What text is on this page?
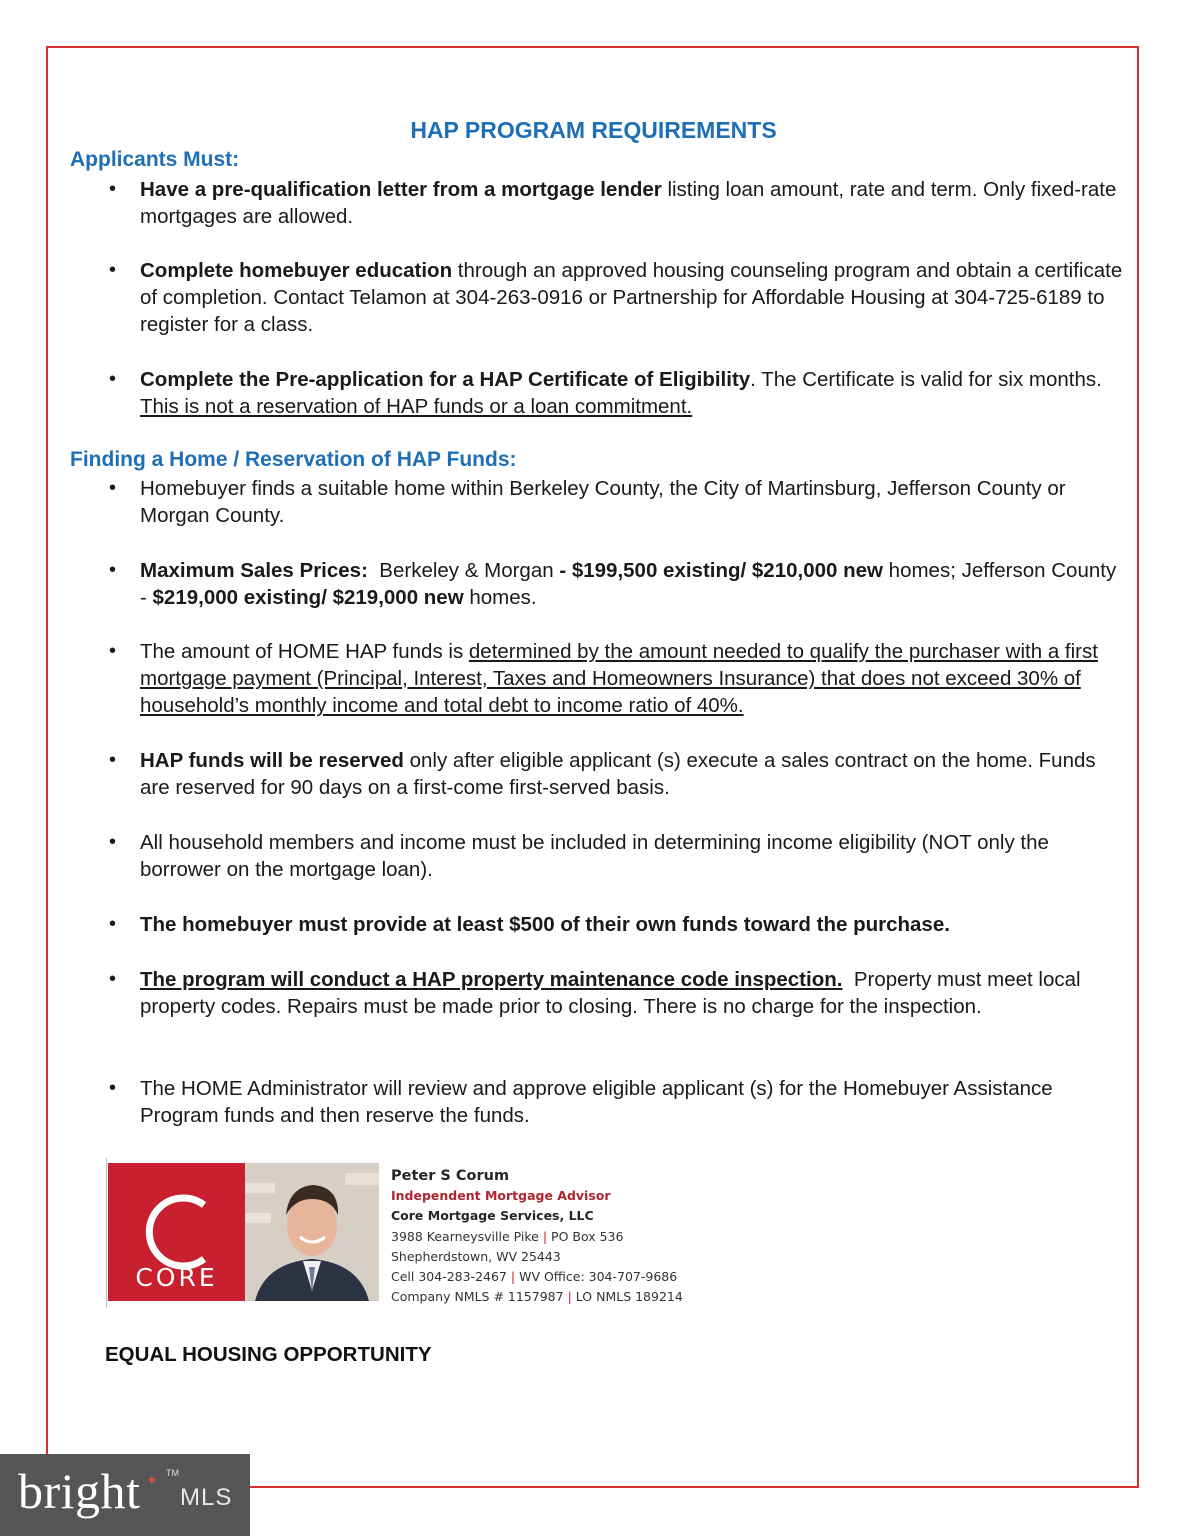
HAP PROGRAM REQUIREMENTS
Applicants Must:
• Have a pre-qualification letter from a mortgage lender listing loan amount, rate and term. Only fixed-rate mortgages are allowed.
• Complete homebuyer education through an approved housing counseling program and obtain a certificate of completion. Contact Telamon at 304-263-0916 or Partnership for Affordable Housing at 304-725-6189 to register for a class.
• Complete the Pre-application for a HAP Certificate of Eligibility. The Certificate is valid for six months. This is not a reservation of HAP funds or a loan commitment.
Finding a Home / Reservation of HAP Funds:
• Homebuyer finds a suitable home within Berkeley County, the City of Martinsburg, Jefferson County or Morgan County.
• Maximum Sales Prices:  Berkeley & Morgan - $199,500 existing/ $210,000 new homes; Jefferson County - $219,000 existing/ $219,000 new homes.
• The amount of HOME HAP funds is determined by the amount needed to qualify the purchaser with a first mortgage payment (Principal, Interest, Taxes and Homeowners Insurance) that does not exceed 30% of household’s monthly income and total debt to income ratio of 40%.
• HAP funds will be reserved only after eligible applicant (s) execute a sales contract on the home. Funds are reserved for 90 days on a first-come first-served basis.
• All household members and income must be included in determining income eligibility (NOT only the borrower on the mortgage loan).
• The homebuyer must provide at least $500 of their own funds toward the purchase.
• The program will conduct a HAP property maintenance code inspection.  Property must meet local property codes. Repairs must be made prior to closing. There is no charge for the inspection.
• The HOME Administrator will review and approve eligible applicant (s) for the Homebuyer Assistance Program funds and then reserve the funds.
CORE
Peter S Corum
Independent Mortgage Advisor
Core Mortgage Services, LLC
3988 Kearneysville Pike | PO Box 536
Shepherdstown, WV 25443
Cell 304-283-2467 | WV Office: 304-707-9686
Company NMLS # 1157987 | LO NMLS 189214
EQUAL HOUSING OPPORTUNITY
bright ✦ TM
MLS
